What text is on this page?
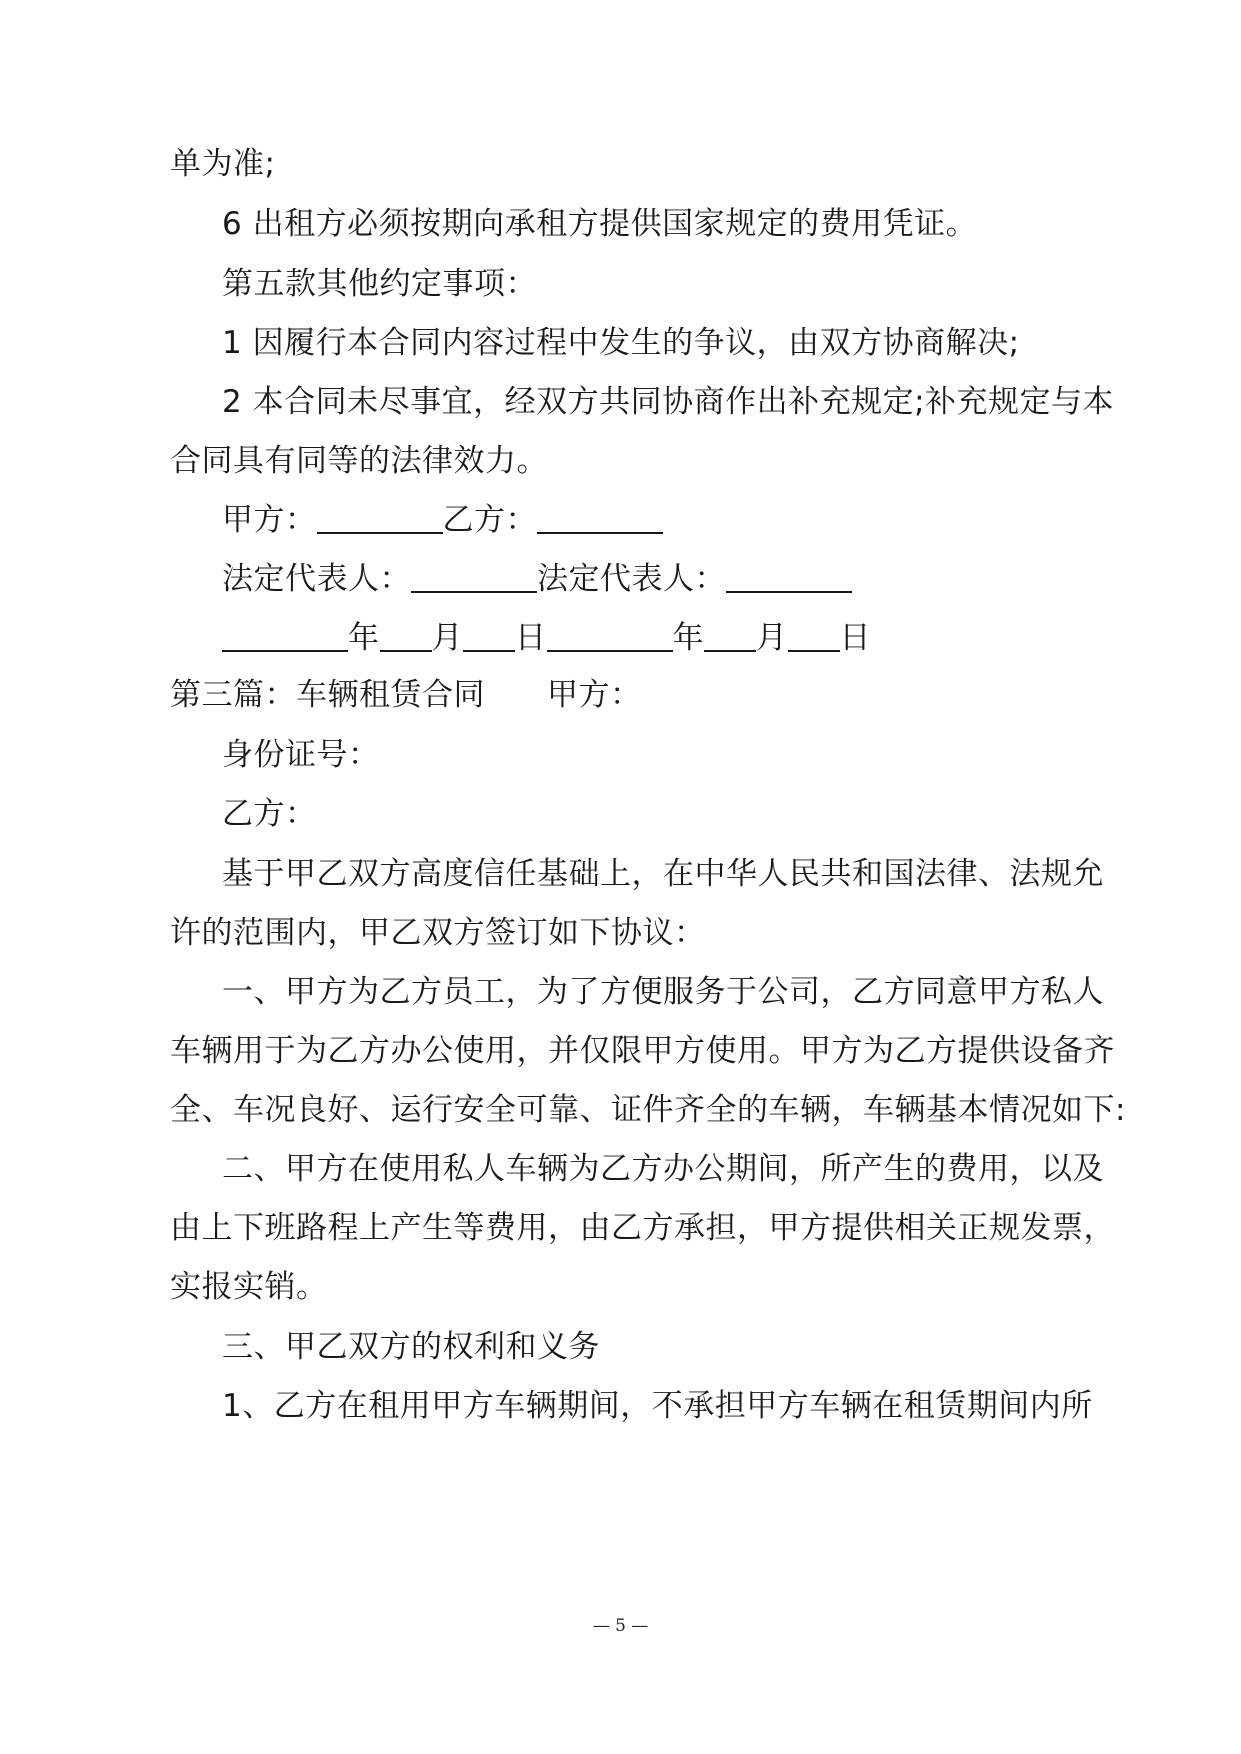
单为准;
6 出租方必须按期向承租方提供国家规定的费用凭证。
第五款其他约定事项：
1 因履行本合同内容过程中发生的争议，由双方协商解决;
2 本合同未尽事宜，经双方共同协商作出补充规定;补充规定与本
合同具有同等的法律效力。
甲方：	乙方：
法定代表人：	法定代表人：
年 月 日	年 月 日
第三篇：车辆租赁合同 甲方：
身份证号：
乙方：
基于甲乙双方高度信任基础上，在中华人民共和国法律、法规允
许的范围内，甲乙双方签订如下协议：
一、甲方为乙方员工，为了方便服务于公司，乙方同意甲方私人
车辆用于为乙方办公使用，并仅限甲方使用。甲方为乙方提供设备齐
全、车况良好、运行安全可靠、证件齐全的车辆，车辆基本情况如下:
二、甲方在使用私人车辆为乙方办公期间，所产生的费用，以及
由上下班路程上产生等费用，由乙方承担，甲方提供相关正规发票，
实报实销。
三、甲乙双方的权利和义务
1、乙方在租用甲方车辆期间，不承担甲方车辆在租赁期间内所
— 5 —
